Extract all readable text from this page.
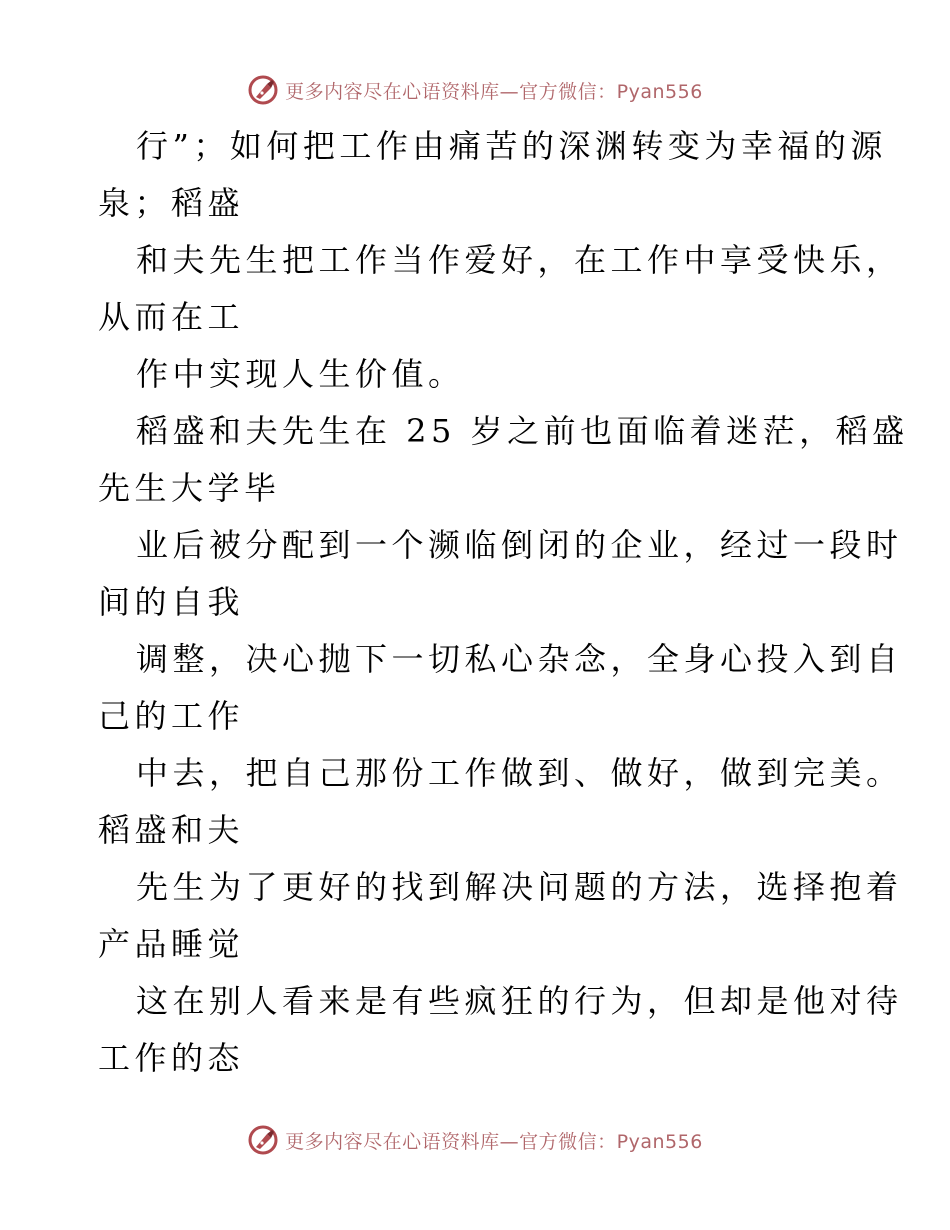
更多内容尽在心语资料库—官方微信：Pyan556
行”；如何把工作由痛苦的深渊转变为幸福的源
泉；稻盛
和夫先生把工作当作爱好，在工作中享受快乐，
从而在工
作中实现人生价值。
稻盛和夫先生在 25 岁之前也面临着迷茫，稻盛
先生大学毕
业后被分配到一个濒临倒闭的企业，经过一段时
间的自我
调整，决心抛下一切私心杂念，全身心投入到自
己的工作
中去，把自己那份工作做到、做好，做到完美。
稻盛和夫
先生为了更好的找到解决问题的方法，选择抱着
产品睡觉
这在别人看来是有些疯狂的行为，但却是他对待
工作的态
更多内容尽在心语资料库—官方微信：Pyan556
